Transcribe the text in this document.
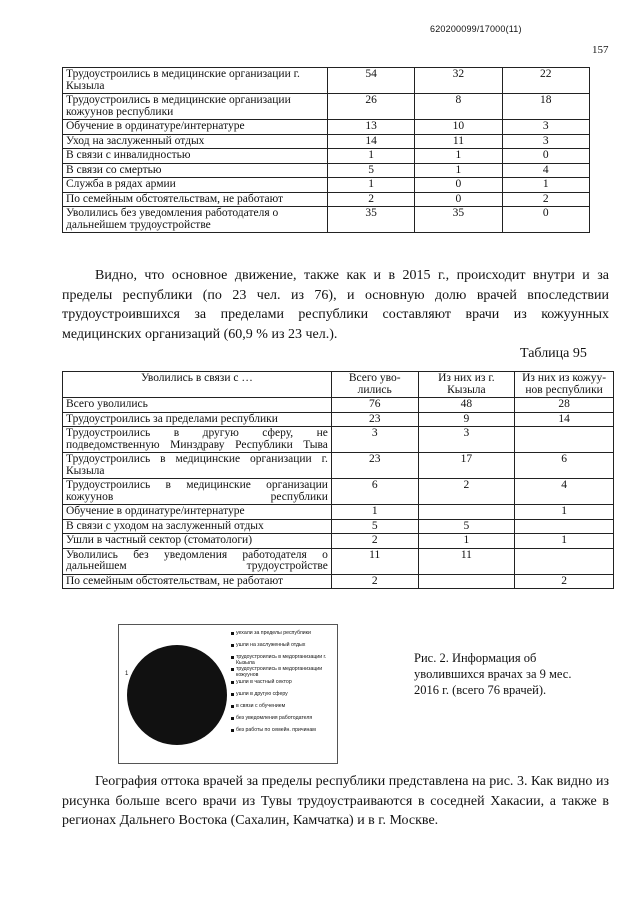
620200099/17000(11)
157
Трудоустроились в медицинские организации г. Кызыла	54	32	22
Трудоустроились в медицинские организации кожуунов республики	26	8	18
Обучение в ординатуре/интернатуре	13	10	3
Уход на заслуженный отдых	14	11	3
В связи с инвалидностью	1	1	0
В связи со смертью	5	1	4
Служба в рядах армии	1	0	1
По семейным обстоятельствам, не работают	2	0	2
Уволились без уведомления работодателя о дальнейшем трудоустройстве	35	35	0
Видно, что основное движение, также как и в 2015 г., происходит внутри и за пределы республики (по 23 чел. из 76), и основную долю врачей впоследствии трудоустроившихся за пределами республики составляют врачи из кожуунных медицинских организаций (60,9 % из 23 чел.).
Таблица 95
Уволились в связи с …	Всего уво-лились	Из них из г. Кызыла	Из них из кожуу-нов республики
Всего уволились	76	48	28
Трудоустроились за пределами республики	23	9	14
Трудоустроились в другую сферу, не подведомственную Минздраву Республики Тыва	3	3	
Трудоустроились в медицинские организации г. Кызыла	23	17	6
Трудоустроились в медицинские организации кожуунов республики	6	2	4
Обучение в ординатуре/интернатуре	1		1
В связи с уходом на заслуженный отдых	5	5	
Ушли в частный сектор (стоматологи)	2	1	1
Уволились без уведомления работодателя о дальнейшем трудоустройстве	11	11	
По семейным обстоятельствам, не работают	2		2
1
уехали за пределы республики
ушли на заслуженный отдых
трудоустроились в медорганизации г. Кызыла
трудоустроились в медорганизации кожуунов
ушли в частный сектор
ушли в другую сферу
в связи с обучением
без уведомления работодателя
без работы по семейн. причинам
Рис. 2. Информация об уволившихся врачах за 9 мес. 2016 г. (всего 76 врачей).
География оттока врачей за пределы республики представлена на рис. 3. Как видно из рисунка больше всего врачи из Тувы трудоустраиваются в соседней Хакасии, а также в регионах Дальнего Востока (Сахалин, Камчатка) и в г. Москве.
